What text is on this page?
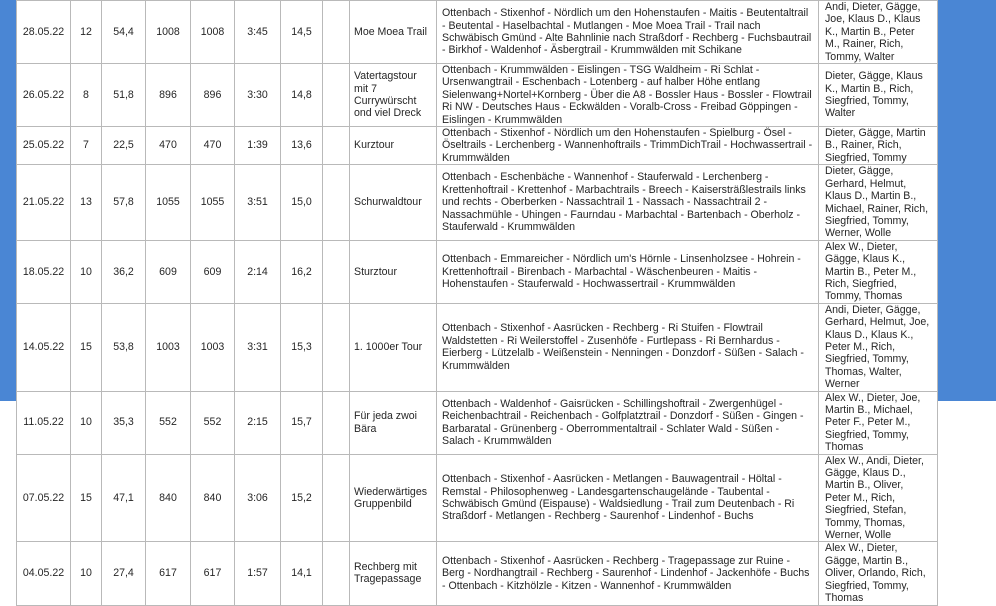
28.05.22	12	54,4	1008	1008	3:45	14,5		Moe Moea Trail	Ottenbach - Stixenhof - Nördlich um den Hohenstaufen - Maitis - Beutentaltrail - Beutental - Haselbachtal - Mutlangen - Moe Moea Trail - Trail nach Schwäbisch Gmünd - Alte Bahnlinie nach Straßdorf - Rechberg - Fuchsbautrail - Birkhof - Waldenhof - Äsbergtrail - Krummwälden mit Schikane	Andi, Dieter, Gägge, Joe, Klaus D., Klaus K., Martin B., Peter M., Rainer, Rich, Tommy, Walter
26.05.22	8	51,8	896	896	3:30	14,8		Vatertagstour mit 7 Currywürscht ond viel Dreck	Ottenbach - Krummwälden - Eislingen - TSG Waldheim - Ri Schlat - Ursenwangtrail - Eschenbach - Lotenberg - auf halber Höhe entlang Sielenwang+Nortel+Kornberg - Über die A8 - Bossler Haus - Bossler - Flowtrail Ri NW - Deutsches Haus - Eckwälden - Voralb-Cross - Freibad Göppingen - Eislingen - Krummwälden	Dieter, Gägge, Klaus K., Martin B., Rich, Siegfried, Tommy, Walter
25.05.22	7	22,5	470	470	1:39	13,6		Kurztour	Ottenbach - Stixenhof - Nördlich um den Hohenstaufen - Spielburg - Ösel - Öseltrails - Lerchenberg - Wannenhoftrails - TrimmDichTrail - Hochwassertrail - Krummwälden	Dieter, Gägge, Martin B., Rainer, Rich, Siegfried, Tommy
21.05.22	13	57,8	1055	1055	3:51	15,0		Schurwaldtour	Ottenbach - Eschenbäche - Wannenhof - Stauferwald - Lerchenberg - Krettenhoftrail - Krettenhof - Marbachtrails - Breech - Kaisersträßlestrails links und rechts - Oberberken - Nassachtrail 1 - Nassach - Nassachtrail 2 - Nassachmühle - Uhingen - Faurndau - Marbachtal - Bartenbach - Oberholz - Stauferwald - Krummwälden	Dieter, Gägge, Gerhard, Helmut, Klaus D., Martin B., Michael, Rainer, Rich, Siegfried, Tommy, Werner, Wolle
18.05.22	10	36,2	609	609	2:14	16,2		Sturztour	Ottenbach - Emmareicher - Nördlich um's Hörnle - Linsenholzsee - Hohrein - Krettenhoftrail - Birenbach - Marbachtal - Wäschenbeuren - Maitis - Hohenstaufen - Stauferwald - Hochwassertrail - Krummwälden	Alex W., Dieter, Gägge, Klaus K., Martin B., Peter M., Rich, Siegfried, Tommy, Thomas
14.05.22	15	53,8	1003	1003	3:31	15,3		1. 1000er Tour	Ottenbach - Stixenhof - Aasrücken - Rechberg - Ri Stuifen - Flowtrail Waldstetten - Ri Weilerstoffel - Zusenhöfe - Furtlepass - Ri Bernhardus - Eierberg - Lützelalb - Weißenstein - Nenningen - Donzdorf - Süßen - Salach - Krummwälden	Andi, Dieter, Gägge, Gerhard, Helmut, Joe, Klaus D., Klaus K., Peter M., Rich, Siegfried, Tommy, Thomas, Walter, Werner
11.05.22	10	35,3	552	552	2:15	15,7		Für jeda zwoi Bära	Ottenbach - Waldenhof - Gaisrücken - Schillingshoftrail - Zwergenhügel - Reichenbachtrail - Reichenbach - Golfplatztrail - Donzdorf - Süßen - Gingen - Barbaratal - Grünenberg - Oberrommentaltrail - Schlater Wald - Süßen - Salach - Krummwälden	Alex W., Dieter, Joe, Martin B., Michael, Peter F., Peter M., Siegfried, Tommy, Thomas
07.05.22	15	47,1	840	840	3:06	15,2		Wiederwärtiges Gruppenbild	Ottenbach - Stixenhof - Aasrücken - Metlangen - Bauwagentrail - Höltal - Remstal - Philosophenweg - Landesgartenschaugelände - Taubental - Schwäbisch Gmünd (Eispause) - Waldsiedlung - Trail zum Deutenbach - Ri Straßdorf - Metlangen - Rechberg - Saurenhof - Lindenhof - Buchs	Alex W., Andi, Dieter, Gägge, Klaus D., Martin B., Oliver, Peter M., Rich, Siegfried, Stefan, Tommy, Thomas, Werner, Wolle
04.05.22	10	27,4	617	617	1:57	14,1		Rechberg mit Tragepassage	Ottenbach - Stixenhof - Aasrücken - Rechberg - Tragepassage zur Ruine - Berg - Nordhangtrail - Rechberg - Saurenhof - Lindenhof - Jackenhöfe - Buchs - Ottenbach - Kitzhölzle - Kitzen - Wannenhof - Krummwälden	Alex W., Dieter, Gägge, Martin B., Oliver, Orlando, Rich, Siegfried, Tommy, Thomas
